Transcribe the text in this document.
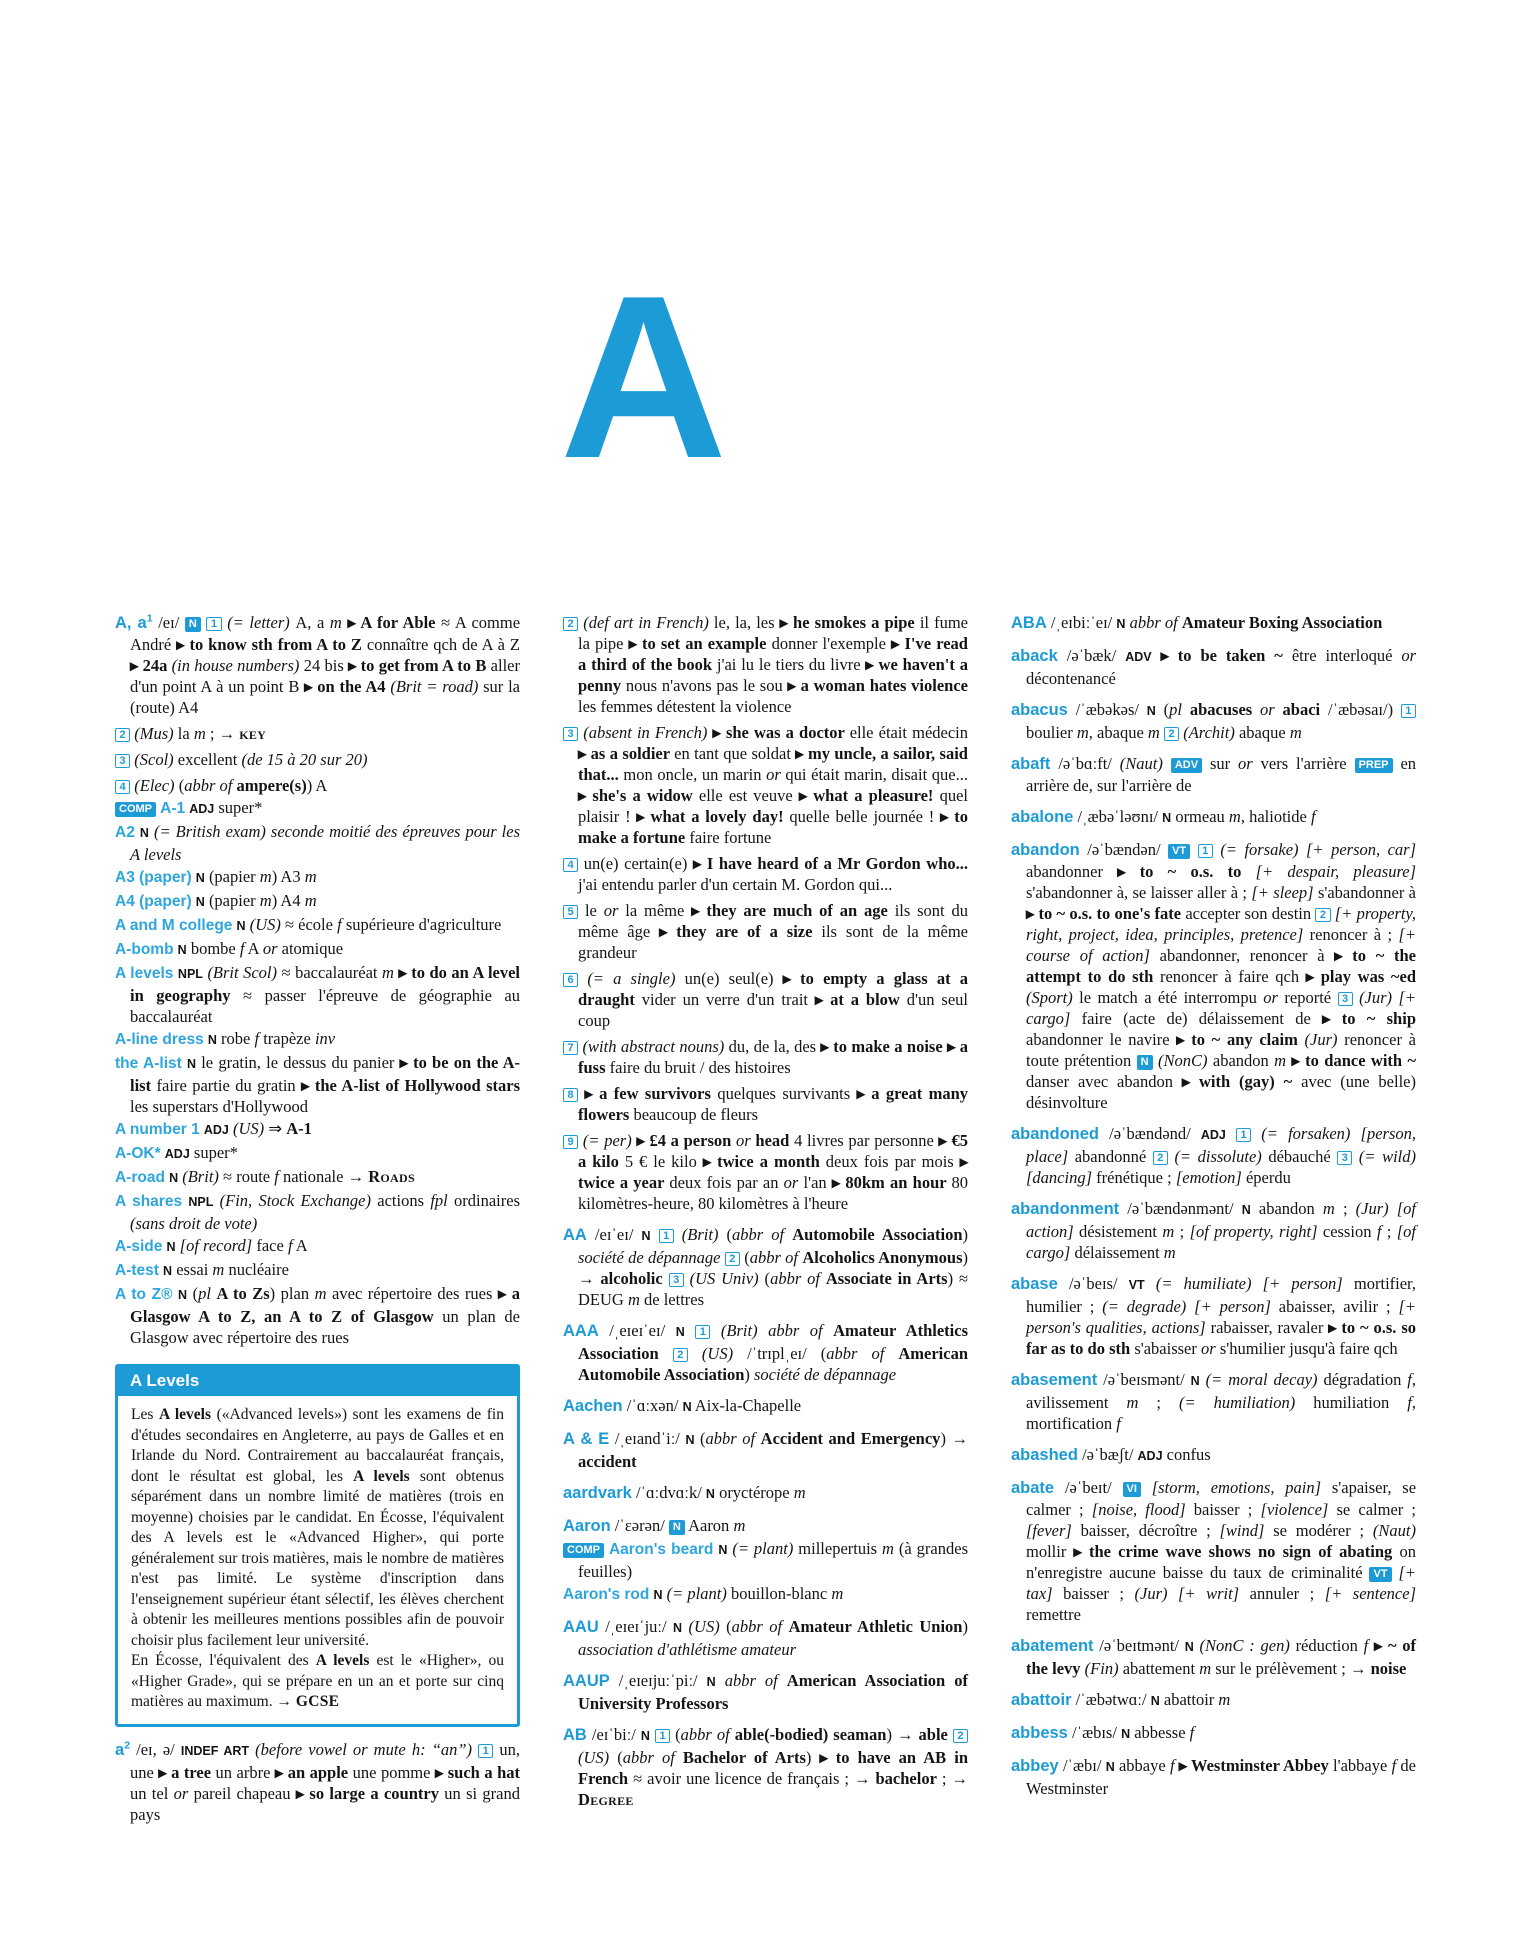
A

A, $a^1$ /eɪ/ N 1 (= letter) A, a m ▸ A for Able ≈ A comme André ▸ to know sth from A to Z connaître qch de A à Z ▸ 24a (in house numbers) 24 bis ▸ to get from A to B aller d'un point A à un point B ▸ on the A4 (Brit = road) sur la (route) A4

2 (Mus) la m ; → key

3 (Scol) excellent (de 15 à 20 sur 20)

4 (Elec) (abbr of ampere(s)) A

COMP A-1 ADJ super*

A2 N (= British exam) seconde moitié des épreuves pour les A levels

A3 (paper) N (papier m) A3 m

A4 (paper) N (papier m) A4 m

A and M college N (US) ≈ école f supérieure d'agriculture

A-bomb N bombe f A or atomique

A levels NPL (Brit Scol) ≈ baccalauréat m ▸ to do an A level in geography ≈ passer l'épreuve de géographie au baccalauréat

A-line dress N robe f trapèze inv

the A-list N le gratin, le dessus du panier ▸ to be on the A-list faire partie du gratin ▸ the A-list of Hollywood stars les superstars d'Hollywood

A number 1 ADJ (US) ⇒ A-1

A-OK* ADJ super*

A-road N (Brit) ≈ route f nationale → Roads

A shares NPL (Fin, Stock Exchange) actions fpl ordinaires (sans droit de vote)

A-side N [of record] face f A

A-test N essai m nucléaire

A to Z® N (pl A to Zs) plan m avec répertoire des rues ▸ a Glasgow A to Z, an A to Z of Glasgow un plan de Glasgow avec répertoire des rues

A Levels

Les A levels («Advanced levels») sont les examens de fin d'études secondaires en Angleterre, au pays de Galles et en Irlande du Nord. Contrairement au baccalauréat français, dont le résultat est global, les A levels sont obtenus séparément dans un nombre limité de matières (trois en moyenne) choisies par le candidat. En Écosse, l'équivalent des A levels est le «Advanced Higher», qui porte généralement sur trois matières, mais le nombre de matières n'est pas limité. Le système d'inscription dans l'enseignement supérieur étant sélectif, les élèves cherchent à obtenir les meilleures mentions possibles afin de pouvoir choisir plus facilement leur université.

En Écosse, l'équivalent des A levels est le «Higher», ou «Higher Grade», qui se prépare en un an et porte sur cinq matières au maximum. → GCSE

$a^2$ /eɪ, ə/ INDEF ART (before vowel or mute h: “an”) 1 un, une ▸ a tree un arbre ▸ an apple une pomme ▸ such a hat un tel or pareil chapeau ▸ so large a country un si grand pays

2 (def art in French) le, la, les ▸ he smokes a pipe il fume la pipe ▸ to set an example donner l'exemple ▸ I've read a third of the book j'ai lu le tiers du livre ▸ we haven't a penny nous n'avons pas le sou ▸ a woman hates violence les femmes détestent la violence

3 (absent in French) ▸ she was a doctor elle était médecin ▸ as a soldier en tant que soldat ▸ my uncle, a sailor, said that... mon oncle, un marin or qui était marin, disait que... ▸ she's a widow elle est veuve ▸ what a pleasure! quel plaisir ! ▸ what a lovely day! quelle belle journée ! ▸ to make a fortune faire fortune

4 un(e) certain(e) ▸ I have heard of a Mr Gordon who... j'ai entendu parler d'un certain M. Gordon qui...

5 le or la même ▸ they are much of an age ils sont du même âge ▸ they are of a size ils sont de la même grandeur

6 (= a single) un(e) seul(e) ▸ to empty a glass at a draught vider un verre d'un trait ▸ at a blow d'un seul coup

7 (with abstract nouns) du, de la, des ▸ to make a noise ▸ a fuss faire du bruit / des histoires

8 ▸ a few survivors quelques survivants ▸ a great many flowers beaucoup de fleurs

9 (= per) ▸ £4 a person or head 4 livres par personne ▸ €5 a kilo 5 € le kilo ▸ twice a month deux fois par mois ▸ twice a year deux fois par an or l'an ▸ 80km an hour 80 kilomètres-heure, 80 kilomètres à l'heure

AA /eɪˈeɪ/ N 1 (Brit) (abbr of Automobile Association) société de dépannage 2 (abbr of Alcoholics Anonymous) → alcoholic 3 (US Univ) (abbr of Associate in Arts) ≈ DEUG m de lettres

AAA /ˌeɪeɪˈeɪ/ N 1 (Brit) abbr of Amateur Athletics Association 2 (US) /ˈtrɪplˌeɪ/ (abbr of American Automobile Association) société de dépannage

Aachen /ˈɑːxən/ N Aix-la-Chapelle

A & E /ˌeɪandˈiː/ N (abbr of Accident and Emergency) → accident

aardvark /ˈɑːdvɑːk/ N oryctérope m

Aaron /ˈɛərən/ N Aaron m

COMP Aaron's beard N (= plant) millepertuis m (à grandes feuilles)

Aaron's rod N (= plant) bouillon-blanc m

AAU /ˌeɪeɪˈjuː/ N (US) (abbr of Amateur Athletic Union) association d'athlétisme amateur

AAUP /ˌeɪeɪjuːˈpiː/ N abbr of American Association of University Professors

AB /eɪˈbiː/ N 1 (abbr of able(-bodied) seaman) → able 2 (US) (abbr of Bachelor of Arts) ▸ to have an AB in French ≈ avoir une licence de français ; → bachelor ; → Degree

ABA /ˌeɪbiːˈeɪ/ N abbr of Amateur Boxing Association

aback /əˈbæk/ ADV ▸ to be taken ~ être interloqué or décontenancé

abacus /ˈæbəkəs/ N (pl abacuses or abaci /ˈæbəsaɪ/) 1 boulier m, abaque m 2 (Archit) abaque m

abaft /əˈbɑːft/ (Naut) ADV sur or vers l'arrière PREP en arrière de, sur l'arrière de

abalone /ˌæbəˈləʊnɪ/ N ormeau m, haliotide f

abandon /əˈbændən/ VT 1 (= forsake) [+ person, car] abandonner ▸ to ~ o.s. to [+ despair, pleasure] s'abandonner à, se laisser aller à ; [+ sleep] s'abandonner à ▸ to ~ o.s. to one's fate accepter son destin 2 [+ property, right, project, idea, principles, pretence] renoncer à ; [+ course of action] abandonner, renoncer à ▸ to ~ the attempt to do sth renoncer à faire qch ▸ play was ~ed (Sport) le match a été interrompu or reporté 3 (Jur) [+ cargo] faire (acte de) délaissement de ▸ to ~ ship abandonner le navire ▸ to ~ any claim (Jur) renoncer à toute prétention N (NonC) abandon m ▸ to dance with ~ danser avec abandon ▸ with (gay) ~ avec (une belle) désinvolture

abandoned /əˈbændənd/ ADJ 1 (= forsaken) [person, place] abandonné 2 (= dissolute) débauché 3 (= wild) [dancing] frénétique ; [emotion] éperdu

abandonment /əˈbændənmənt/ N abandon m ; (Jur) [of action] désistement m ; [of property, right] cession f ; [of cargo] délaissement m

abase /əˈbeɪs/ VT (= humiliate) [+ person] mortifier, humilier ; (= degrade) [+ person] abaisser, avilir ; [+ person's qualities, actions] rabaisser, ravaler ▸ to ~ o.s. so far as to do sth s'abaisser or s'humilier jusqu'à faire qch

abasement /əˈbeɪsmənt/ N (= moral decay) dégradation f, avilissement m ; (= humiliation) humiliation f, mortification f

abashed /əˈbæʃt/ ADJ confus

abate /əˈbeɪt/ VI [storm, emotions, pain] s'apaiser, se calmer ; [noise, flood] baisser ; [violence] se calmer ; [fever] baisser, décroître ; [wind] se modérer ; (Naut) mollir ▸ the crime wave shows no sign of abating on n'enregistre aucune baisse du taux de criminalité VT [+ tax] baisser ; (Jur) [+ writ] annuler ; [+ sentence] remettre

abatement /əˈbeɪtmənt/ N (NonC : gen) réduction f ▸ ~ of the levy (Fin) abattement m sur le prélèvement ; → noise

abattoir /ˈæbətwɑː/ N abattoir m

abbess /ˈæbɪs/ N abbesse f

abbey /ˈæbɪ/ N abbaye f ▸ Westminster Abbey l'abbaye f de Westminster
